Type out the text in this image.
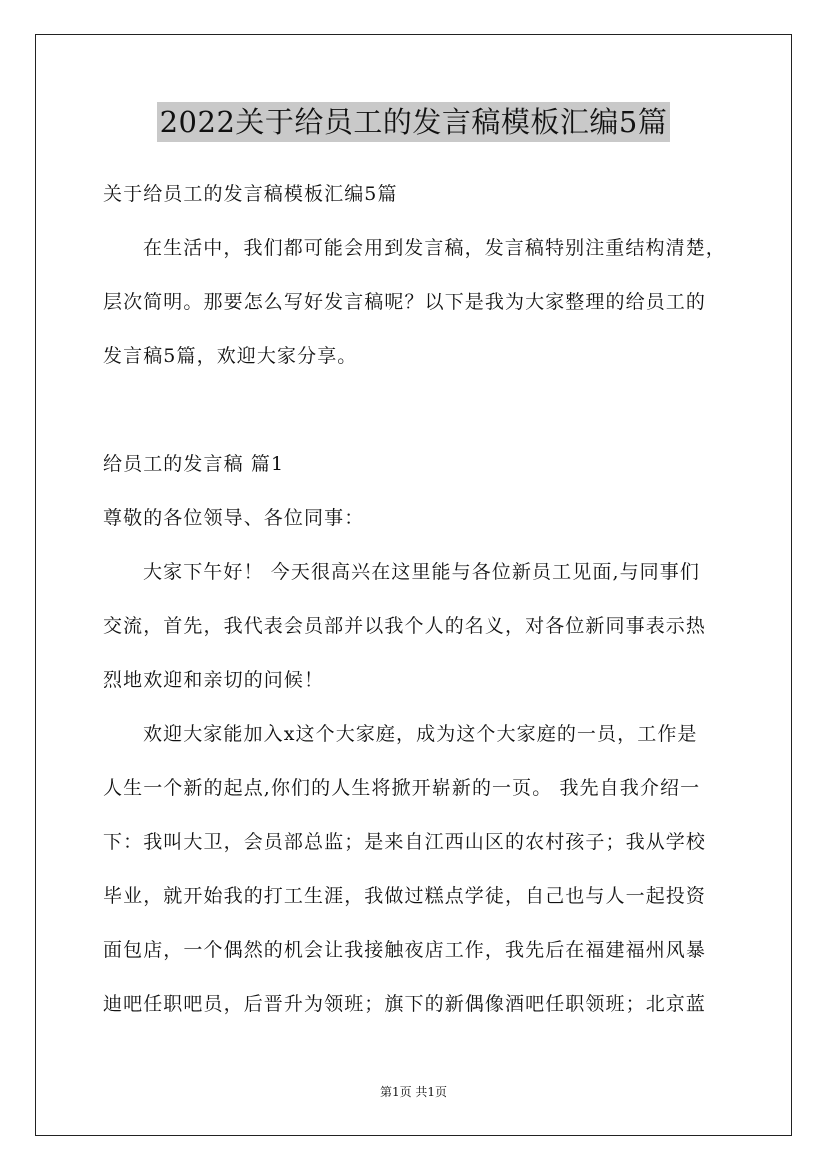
2022关于给员工的发言稿模板汇编5篇
关于给员工的发言稿模板汇编5篇
在生活中，我们都可能会用到发言稿，发言稿特别注重结构清楚，
层次简明。那要怎么写好发言稿呢？以下是我为大家整理的给员工的
发言稿5篇，欢迎大家分享。
给员工的发言稿 篇1
尊敬的各位领导、各位同事：
大家下午好！ 今天很高兴在这里能与各位新员工见面,与同事们
交流，首先，我代表会员部并以我个人的名义，对各位新同事表示热
烈地欢迎和亲切的问候！
欢迎大家能加入x这个大家庭，成为这个大家庭的一员，工作是
人生一个新的起点,你们的人生将掀开崭新的一页。 我先自我介绍一
下：我叫大卫，会员部总监；是来自江西山区的农村孩子；我从学校
毕业，就开始我的打工生涯，我做过糕点学徒，自己也与人一起投资
面包店，一个偶然的机会让我接触夜店工作，我先后在福建福州风暴
迪吧任职吧员，后晋升为领班；旗下的新偶像酒吧任职领班；北京蓝
第1页 共1页
